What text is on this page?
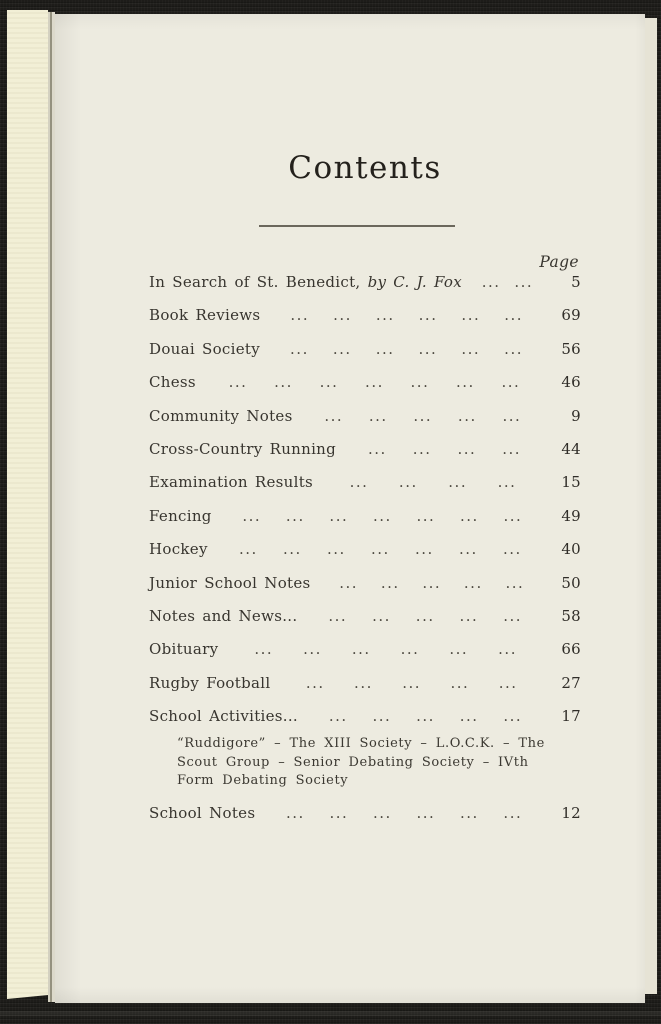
Contents
Page
In Search of St. Benedict, by C. J. Fox	... ...	5
Book Reviews	... ... ... ... ... ...	69
Douai Society	... ... ... ... ... ...	56
Chess	... ... ... ... ... ... ...	46
Community Notes	... ... ... ... ...	9
Cross-Country Running	... ... ... ...	44
Examination Results	... ... ... ...	15
Fencing	... ... ... ... ... ... ...	49
Hockey	... ... ... ... ... ... ...	40
Junior School Notes	... ... ... ... ...	50
Notes and News...	... ... ... ... ...	58
Obituary	... ... ... ... ... ...	66
Rugby Football	... ... ... ... ...	27
School Activities...	... ... ... ... ...	17
“Ruddigore” – The XIII Society – L.O.C.K. – The Scout Group – Senior Debating Society – IVth Form Debating Society
School Notes	... ... ... ... ... ...	12
